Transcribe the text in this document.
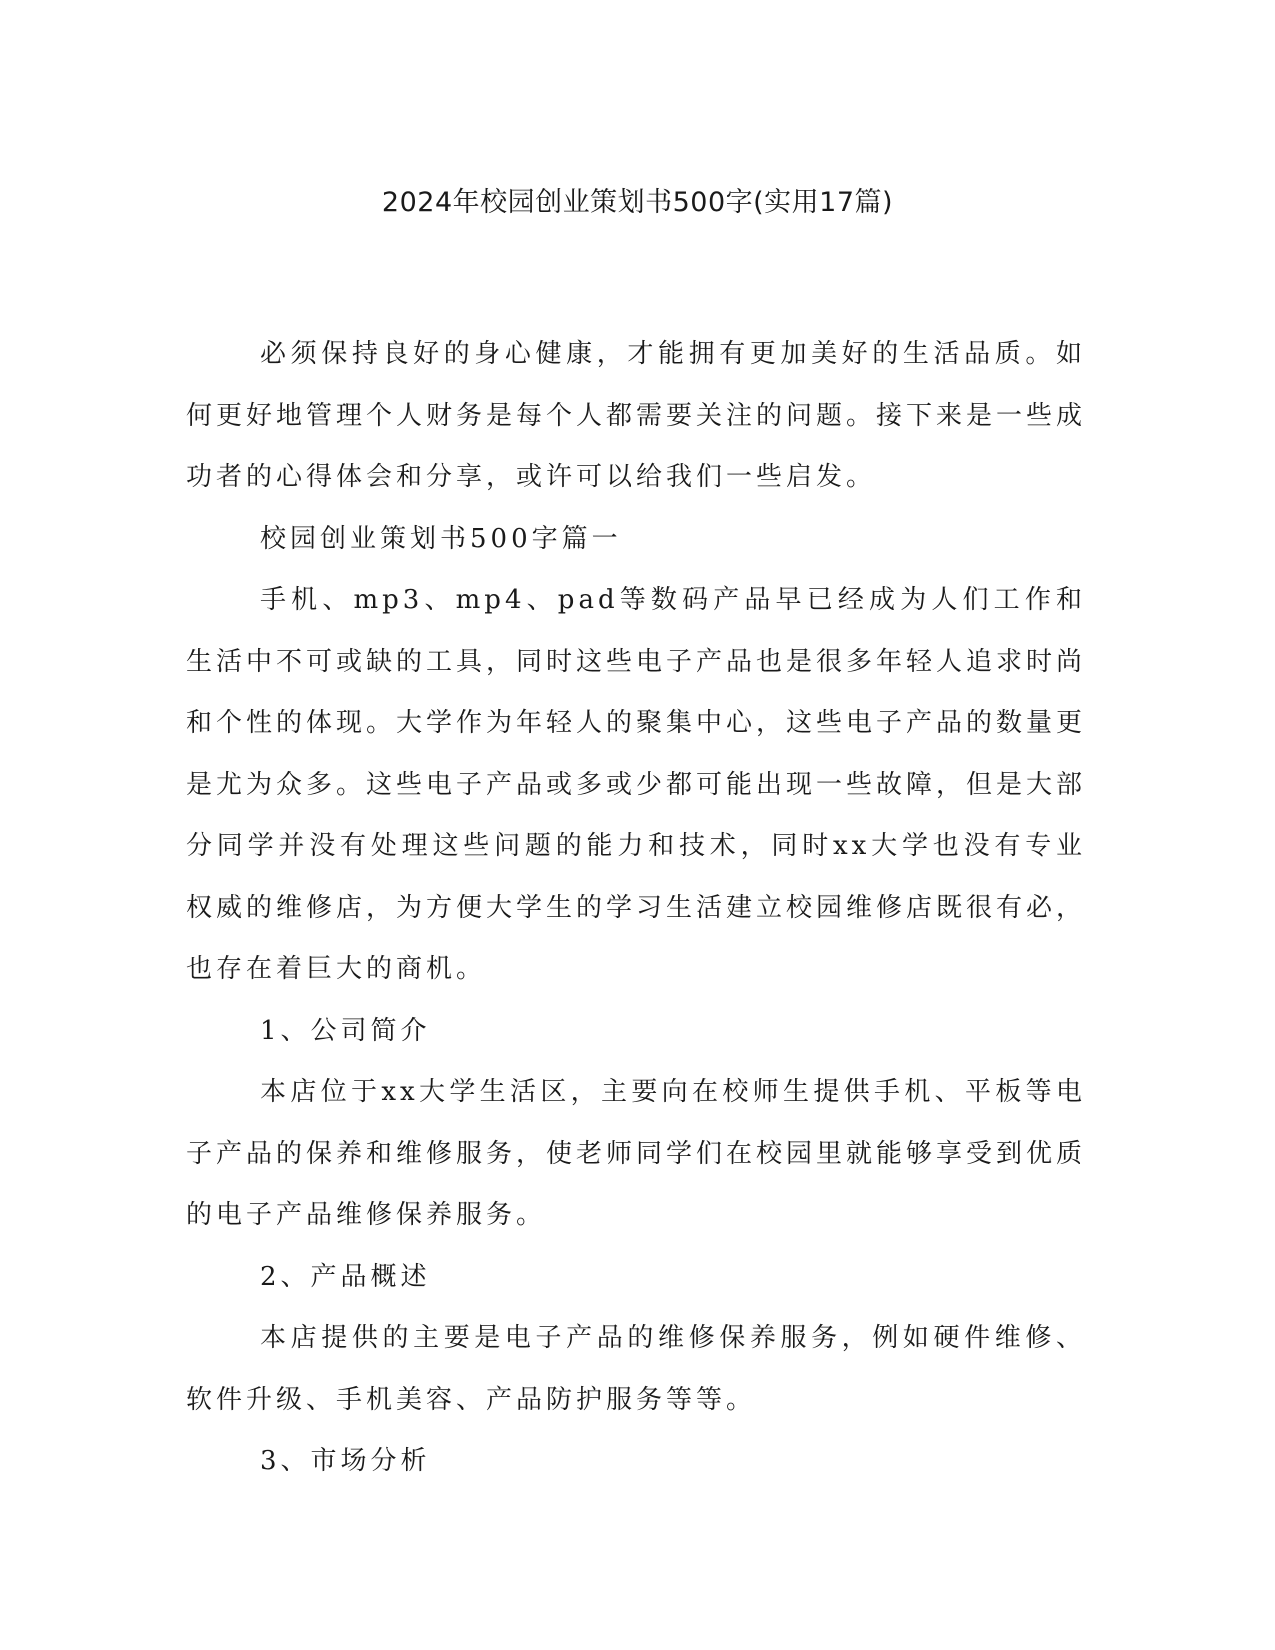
2024年校园创业策划书500字(实用17篇)

必须保持良好的身心健康，才能拥有更加美好的生活品质。如何更好地管理个人财务是每个人都需要关注的问题。接下来是一些成功者的心得体会和分享，或许可以给我们一些启发。

校园创业策划书500字篇一

手机、mp3、mp4、pad等数码产品早已经成为人们工作和生活中不可或缺的工具，同时这些电子产品也是很多年轻人追求时尚和个性的体现。大学作为年轻人的聚集中心，这些电子产品的数量更是尤为众多。这些电子产品或多或少都可能出现一些故障，但是大部分同学并没有处理这些问题的能力和技术，同时xx大学也没有专业权威的维修店，为方便大学生的学习生活建立校园维修店既很有必，也存在着巨大的商机。

1、公司简介

本店位于xx大学生活区，主要向在校师生提供手机、平板等电子产品的保养和维修服务，使老师同学们在校园里就能够享受到优质的电子产品维修保养服务。

2、产品概述

本店提供的主要是电子产品的维修保养服务，例如硬件维修、软件升级、手机美容、产品防护服务等等。

3、市场分析
